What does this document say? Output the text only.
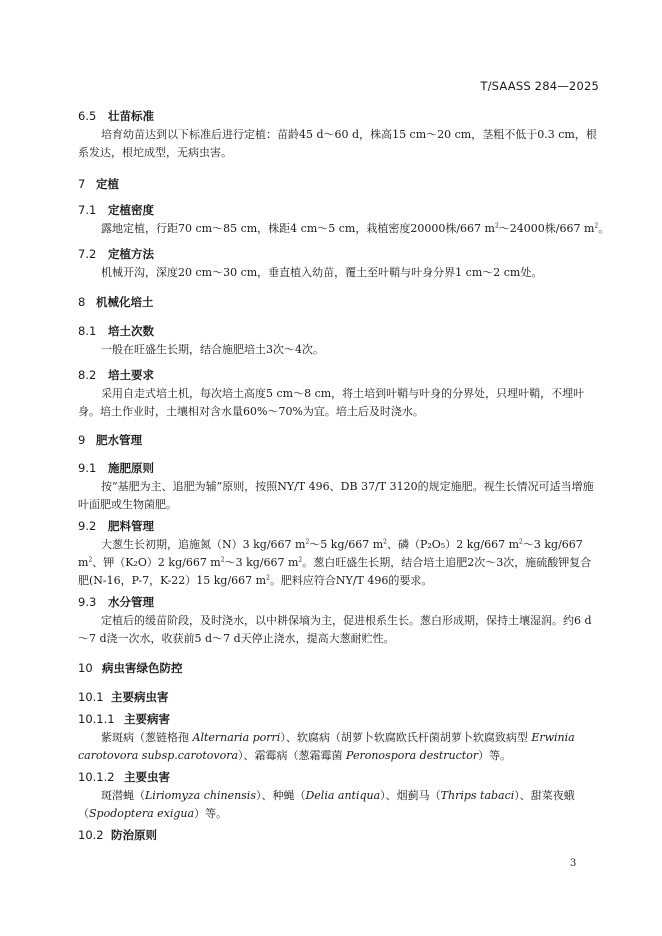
T/SAASS 284—2025
6.5 壮苗标准
培育幼苗达到以下标准后进行定植：苗龄45 d～60 d，株高15 cm～20 cm，茎粗不低于0.3 cm，根系发达，根坨成型，无病虫害。
7 定植
7.1 定植密度
露地定植，行距70 cm～85 cm，株距4 cm～5 cm，栽植密度20000株/667 $m^2\sim 24000$株/667 $m^2$。
7.2 定植方法
机械开沟，深度20 cm～30 cm，垂直植入幼苗，覆土至叶鞘与叶身分界1 cm～2 cm处。
8 机械化培土
8.1 培土次数
一般在旺盛生长期，结合施肥培土3次～4次。
8.2 培土要求
采用自走式培土机，每次培土高度5 cm～8 cm，将土培到叶鞘与叶身的分界处，只埋叶鞘，不埋叶身。培土作业时，土壤相对含水量60%～70%为宜。培土后及时浇水。
9 肥水管理
9.1 施肥原则
按“基肥为主、追肥为辅”原则，按照NY/T 496、DB 37/T 3120的规定施肥。视生长情况可适当增施叶面肥或生物菌肥。
9.2 肥料管理
大葱生长初期，追施氮（N）3 kg/667 $m^2\sim 5$ kg/667 $m^2$、磷（P₂O₅）2 kg/667 $m^2\sim 3$ kg/667 $m^2$、钾（K₂O）2 kg/667 $m^2\sim 3$ kg/667 $m^2$。葱白旺盛生长期，结合培土追肥2次～3次，施硫酸钾复合肥(N-16，P-7，K-22）15 kg/667 $m^2$。肥料应符合NY/T 496的要求。
9.3 水分管理
定植后的缓苗阶段，及时浇水，以中耕保墒为主，促进根系生长。葱白形成期，保持土壤湿润。约6 d～7 d浇一次水，收获前5 d～7 d天停止浇水，提高大葱耐贮性。
10 病虫害绿色防控
10.1 主要病虫害
10.1.1 主要病害
紫斑病（葱链格孢 Alternaria porri）、软腐病（胡萝卜软腐欧氏杆菌胡萝卜软腐致病型 Erwinia carotovora subsp.carotovora）、霜霉病（葱霜霉菌 Peronospora destructor）等。
10.1.2 主要虫害
斑潜蝇（Liriomyza chinensis）、种蝇（Delia antiqua）、烟蓟马（Thrips tabaci）、甜菜夜蛾（Spodoptera exigua）等。
10.2 防治原则
3
